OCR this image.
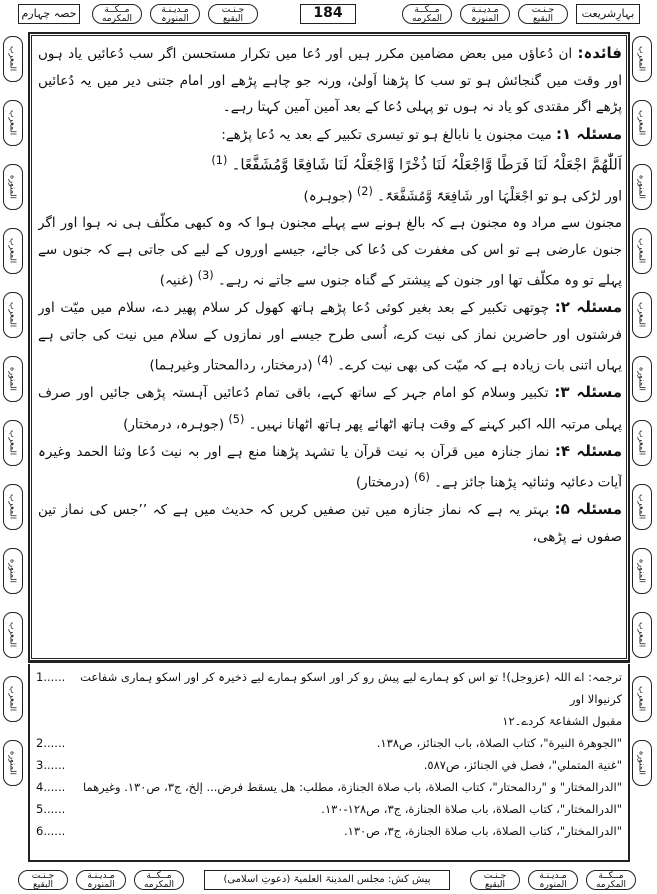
حصہ چہارم	مــكــة
المكرمه
مـديـنـة
المنورہ
جـنـت
البقيع	184	مــكــة
المكرمه
مـديـنـة
المنورہ
جـنـت
البقيع	بہارِشریعت
المعرب
المعرب
المنوره
المعرب
المعرب
المنوره
المعرب
المعرب
المنوره
المعرب
المعرب
المنوره
المعرب
المعرب
المنوره
المعرب
المعرب
المنوره
المعرب
المعرب
المنوره
المعرب
المعرب
المنوره

فائدہ: ان دُعاؤں میں بعض مضامین مکرر ہیں اور دُعا میں تکرار مستحسن اگر سب دُعائیں یاد ہوں اور وقت میں گنجائش ہو تو سب کا پڑھنا اَولیٰ، ورنہ جو چاہے پڑھے اور امام جتنی دیر میں یہ دُعائیں پڑھے اگر مقتدی کو یاد نہ ہوں تو پہلی دُعا کے بعد آمین آمین کہتا رہے۔

مسئلہ ۱: میت مجنون یا نابالغ ہو تو تیسری تکبیر کے بعد یہ دُعا پڑھے:

اَللّٰھُمَّ اجْعَلْہُ لَنَا فَرَطًا وَّاجْعَلْہُ لَنَا ذُخْرًا وَّاجْعَلْہُ لَنَا شَافِعًا وَّمُشَفَّعًا۔ $^{(1)}$

اور لڑکی ہو تو اجْعَلْہَا اور شَافِعَۃً وَّمُشَفَّعَۃً۔ $^{(2)}$ (جوہرہ)

مجنون سے مراد وہ مجنون ہے کہ بالغ ہونے سے پہلے مجنون ہوا کہ وہ کبھی مکلّف ہی نہ ہوا اور اگر جنون عارضی ہے تو اس کی مغفرت کی دُعا کی جائے، جیسے اوروں کے لیے کی جاتی ہے کہ جنوں سے پہلے تو وہ مکلّف تھا اور جنون کے پیشتر کے گناہ جنوں سے جاتے نہ رہے۔ $^{(3)}$ (غنیہ)

مسئلہ ۲: چوتھی تکبیر کے بعد بغیر کوئی دُعا پڑھے ہاتھ کھول کر سلام پھیر دے، سلام میں میّت اور فرشتوں اور حاضرین نماز کی نیت کرے، اُسی طرح جیسے اور نمازوں کے سلام میں نیت کی جاتی ہے یہاں اتنی بات زیادہ ہے کہ میّت کی بھی نیت کرے۔ $^{(4)}$ (درمختار، ردالمحتار وغیرہما)

مسئلہ ۳: تکبیر وسلام کو امام جہر کے ساتھ کہے، باقی تمام دُعائیں آہستہ پڑھی جائیں اور صرف پہلی مرتبہ اللہ اکبر کہنے کے وقت ہاتھ اٹھائے پھر ہاتھ اٹھانا نہیں۔ $^{(5)}$ (جوہرہ، درمختار)

مسئلہ ۴: نماز جنازہ میں قرآن بہ نیت قرآن یا تشہد پڑھنا منع ہے اور بہ نیت دُعا وثنا الحمد وغیرہ آیات دعائیہ وثنائیہ پڑھنا جائز ہے۔ $^{(6)}$ (درمختار)

مسئلہ ۵: بہتر یہ ہے کہ نماز جنازہ میں تین صفیں کریں کہ حدیث میں ہے کہ ’’جس کی نماز تین صفوں نے پڑھی،

1......	ترجمہ: اے اللہ (عزوجل)! تو اس کو ہمارے لیے پیش رو کر اور اسکو ہمارے لیے ذخیرہ کر اور اسکو ہماری شفاعت کرنیوالا اور
مقبول الشفاعۃ کردے۔۱۲
2......	"الجوهرة النيرة"، كتاب الصلاة، باب الجنائز، ص١٣٨.
3......	"غنية المتملي"، فصل في الجنائز، ص٥٨٧.
4......	"الدرالمختار" و "ردالمحتار"، كتاب الصلاة، باب صلاة الجنازة، مطلب: هل يسقط فرض... إلخ، ج٣، ص١٣٠. وغيرهما
5......	"الدرالمختار"، كتاب الصلاة، باب صلاة الجنازة، ج٣، ص١٢٨-١٣٠.
6......	"الدرالمختار"، كتاب الصلاة، باب صلاة الجنازة، ج٣، ص١٣٠.
جـنـت
البقيع
مـديـنـة
المنورہ
مــكــة
المكرمه	پیش کش: مجلس المدینۃ العلمیۃ (دعوتِ اسلامی)	جـنـت
البقيع
مـديـنـة
المنورہ
مــكــة
المكرمه
